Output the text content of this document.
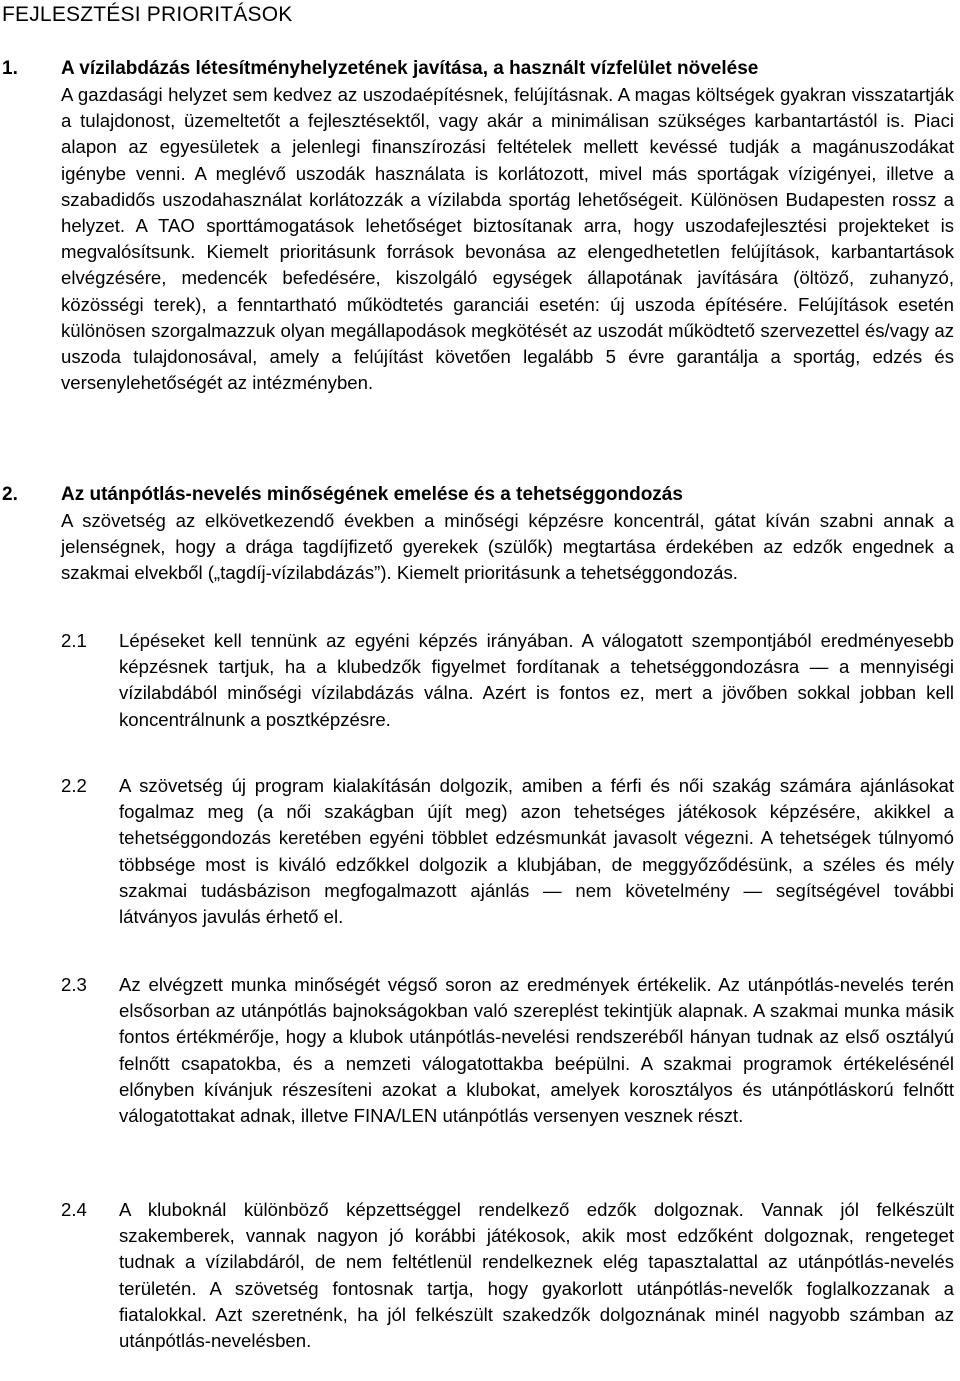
FEJLESZTÉSI PRIORITÁSOK
1. A vízilabdázás létesítményhelyzetének javítása, a használt vízfelület növelése

A gazdasági helyzet sem kedvez az uszodaépítésnek, felújításnak. A magas költségek gyakran visszatartják a tulajdonost, üzemeltetőt a fejlesztésektől, vagy akár a minimálisan szükséges karbantartástól is. Piaci alapon az egyesületek a jelenlegi finanszírozási feltételek mellett kevéssé tudják a magánuszodákat igénybe venni. A meglévő uszodák használata is korlátozott, mivel más sportágak vízigényei, illetve a szabadidős uszodahasználat korlátozzák a vízilabda sportág lehetőségeit. Különösen Budapesten rossz a helyzet. A TAO sporttámogatások lehetőséget biztosítanak arra, hogy uszodafejlesztési projekteket is megvalósítsunk. Kiemelt prioritásunk források bevonása az elengedhetetlen felújítások, karbantartások elvégzésére, medencék befedésére, kiszolgáló egységek állapotának javítására (öltöző, zuhanyzó, közösségi terek), a fenntartható működtetés garanciái esetén: új uszoda építésére. Felújítások esetén különösen szorgalmazzuk olyan megállapodások megkötését az uszodát működtető szervezettel és/vagy az uszoda tulajdonosával, amely a felújítást követően legalább 5 évre garantálja a sportág, edzés és versenylehetőségét az intézményben.

2. Az utánpótlás-nevelés minőségének emelése és a tehetséggondozás

A szövetség az elkövetkezendő években a minőségi képzésre koncentrál, gátat kíván szabni annak a jelenségnek, hogy a drága tagdíjfizető gyerekek (szülők) megtartása érdekében az edzők engednek a szakmai elvekből („tagdíj-vízilabdázás”). Kiemelt prioritásunk a tehetséggondozás.

2.1 Lépéseket kell tennünk az egyéni képzés irányában. A válogatott szempontjából eredményesebb képzésnek tartjuk, ha a klubedzők figyelmet fordítanak a tehetséggondozásra — a mennyiségi vízilabdából minőségi vízilabdázás válna. Azért is fontos ez, mert a jövőben sokkal jobban kell koncentrálnunk a posztképzésre.

2.2 A szövetség új program kialakításán dolgozik, amiben a férfi és női szakág számára ajánlásokat fogalmaz meg (a női szakágban újít meg) azon tehetséges játékosok képzésére, akikkel a tehetséggondozás keretében egyéni többlet edzésmunkát javasolt végezni. A tehetségek túlnyomó többsége most is kiváló edzőkkel dolgozik a klubjában, de meggyőződésünk, a széles és mély szakmai tudásbázison megfogalmazott ajánlás — nem követelmény — segítségével további látványos javulás érhető el.

2.3 Az elvégzett munka minőségét végső soron az eredmények értékelik. Az utánpótlás-nevelés terén elsősorban az utánpótlás bajnokságokban való szereplést tekintjük alapnak. A szakmai munka másik fontos értékmérője, hogy a klubok utánpótlás-nevelési rendszeréből hányan tudnak az első osztályú felnőtt csapatokba, és a nemzeti válogatottakba beépülni. A szakmai programok értékelésénél előnyben kívánjuk részesíteni azokat a klubokat, amelyek korosztályos és utánpótláskorú felnőtt válogatottakat adnak, illetve FINA/LEN utánpótlás versenyen vesznek részt.

2.4 A kluboknál különböző képzettséggel rendelkező edzők dolgoznak. Vannak jól felkészült szakemberek, vannak nagyon jó korábbi játékosok, akik most edzőként dolgoznak, rengeteget tudnak a vízilabdáról, de nem feltétlenül rendelkeznek elég tapasztalattal az utánpótlás-nevelés területén. A szövetség fontosnak tartja, hogy gyakorlott utánpótlás-nevelők foglalkozzanak a fiatalokkal. Azt szeretnénk, ha jól felkészült szakedzők dolgoznának minél nagyobb számban az utánpótlás-nevelésben.
